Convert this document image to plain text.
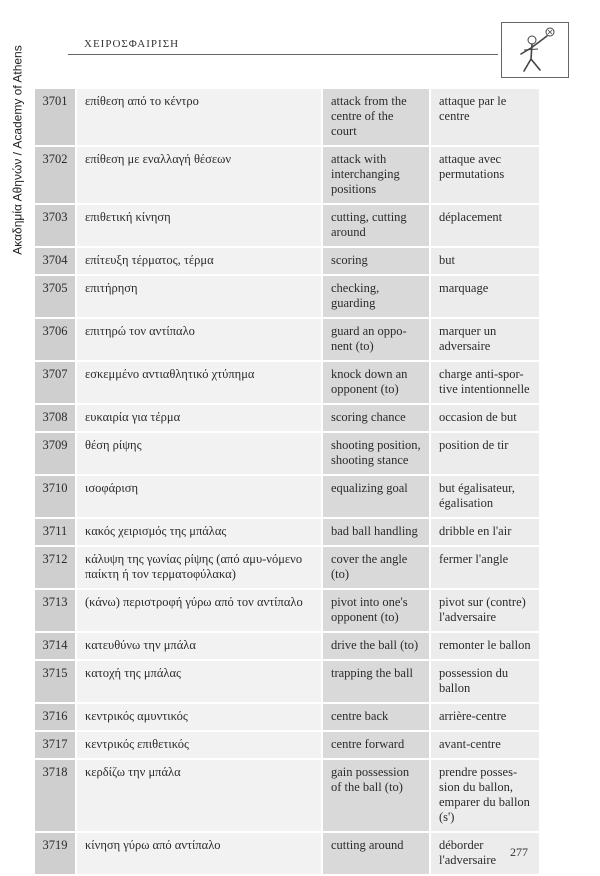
Ακαδημία Αθηνών / Academy of Athens
ΧΕΙΡΟΣΦΑΙΡΙΣΗ
3701	επίθεση από το κέντρο	attack from the centre of the court	attaque par le centre
3702	επίθεση με εναλλαγή θέσεων	attack with interchanging positions	attaque avec permutations
3703	επιθετική κίνηση	cutting, cutting around	déplacement
3704	επίτευξη τέρματος, τέρμα	scoring	but
3705	επιτήρηση	checking, guarding	marquage
3706	επιτηρώ τον αντίπαλο	guard an oppo-nent (to)	marquer un adversaire
3707	εσκεμμένο αντιαθλητικό χτύπημα	knock down an opponent (to)	charge anti-spor-tive intentionnelle
3708	ευκαιρία για τέρμα	scoring chance	occasion de but
3709	θέση ρίψης	shooting position, shooting stance	position de tir
3710	ισοφάριση	equalizing goal	but égalisateur, égalisation
3711	κακός χειρισμός της μπάλας	bad ball handling	dribble en l'air
3712	κάλυψη της γωνίας ρίψης (από αμυ-νόμενο παίκτη ή τον τερματοφύλακα)	cover the angle (to)	fermer l'angle
3713	(κάνω) περιστροφή γύρω από τον αντίπαλο	pivot into one's opponent (to)	pivot sur (contre) l'adversaire
3714	κατευθύνω την μπάλα	drive the ball (to)	remonter le ballon
3715	κατοχή της μπάλας	trapping the ball	possession du ballon
3716	κεντρικός αμυντικός	centre back	arrière-centre
3717	κεντρικός επιθετικός	centre forward	avant-centre
3718	κερδίζω την μπάλα	gain possession of the ball (to)	prendre posses-sion du ballon, emparer du ballon (s')
3719	κίνηση γύρω από αντίπαλο	cutting around	déborder l'adversaire
277
